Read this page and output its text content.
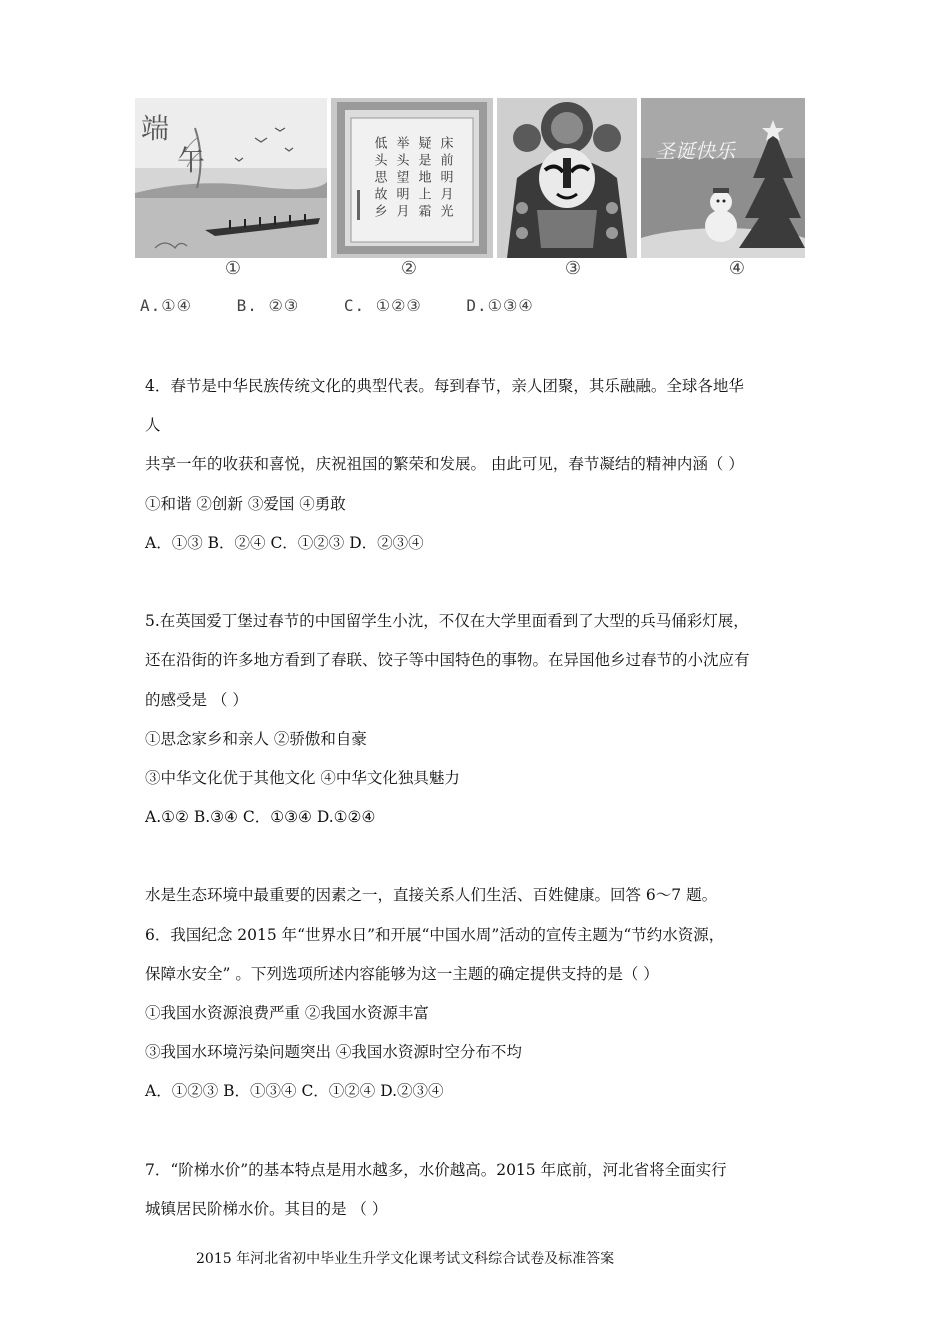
端
午	床前明月光
疑是地上霜
举头望明月
低头思故乡	圣诞快乐
①	②	③	④
A.①④	B. ②③	C. ①②③	D.①③④
4．春节是中华民族传统文化的典型代表。每到春节，亲人团聚，其乐融融。全球各地华
人
共享一年的收获和喜悦，庆祝祖国的繁荣和发展。 由此可见，春节凝结的精神内涵（ ）
①和谐 ②创新 ③爱国 ④勇敢
A．①③ B．②④ C．①②③ D．②③④
5.在英国爱丁堡过春节的中国留学生小沈，不仅在大学里面看到了大型的兵马俑彩灯展，
还在沿街的许多地方看到了春联、饺子等中国特色的事物。在异国他乡过春节的小沈应有
的感受是 （ ）
①思念家乡和亲人 ②骄傲和自豪
③中华文化优于其他文化 ④中华文化独具魅力
A.①② B.③④ C．①③④ D.①②④
水是生态环境中最重要的因素之一，直接关系人们生活、百姓健康。回答 6～7 题。
6．我国纪念 2015 年“世界水日”和开展“中国水周”活动的宣传主题为“节约水资源，
保障水安全” 。下列选项所述内容能够为这一主题的确定提供支持的是（ ）
①我国水资源浪费严重 ②我国水资源丰富
③我国水环境污染问题突出 ④我国水资源时空分布不均
A．①②③ B．①③④ C．①②④ D.②③④
7．“阶梯水价”的基本特点是用水越多，水价越高。2015 年底前，河北省将全面实行
城镇居民阶梯水价。其目的是 （ ）
2015 年河北省初中毕业生升学文化课考试文科综合试卷及标准答案
